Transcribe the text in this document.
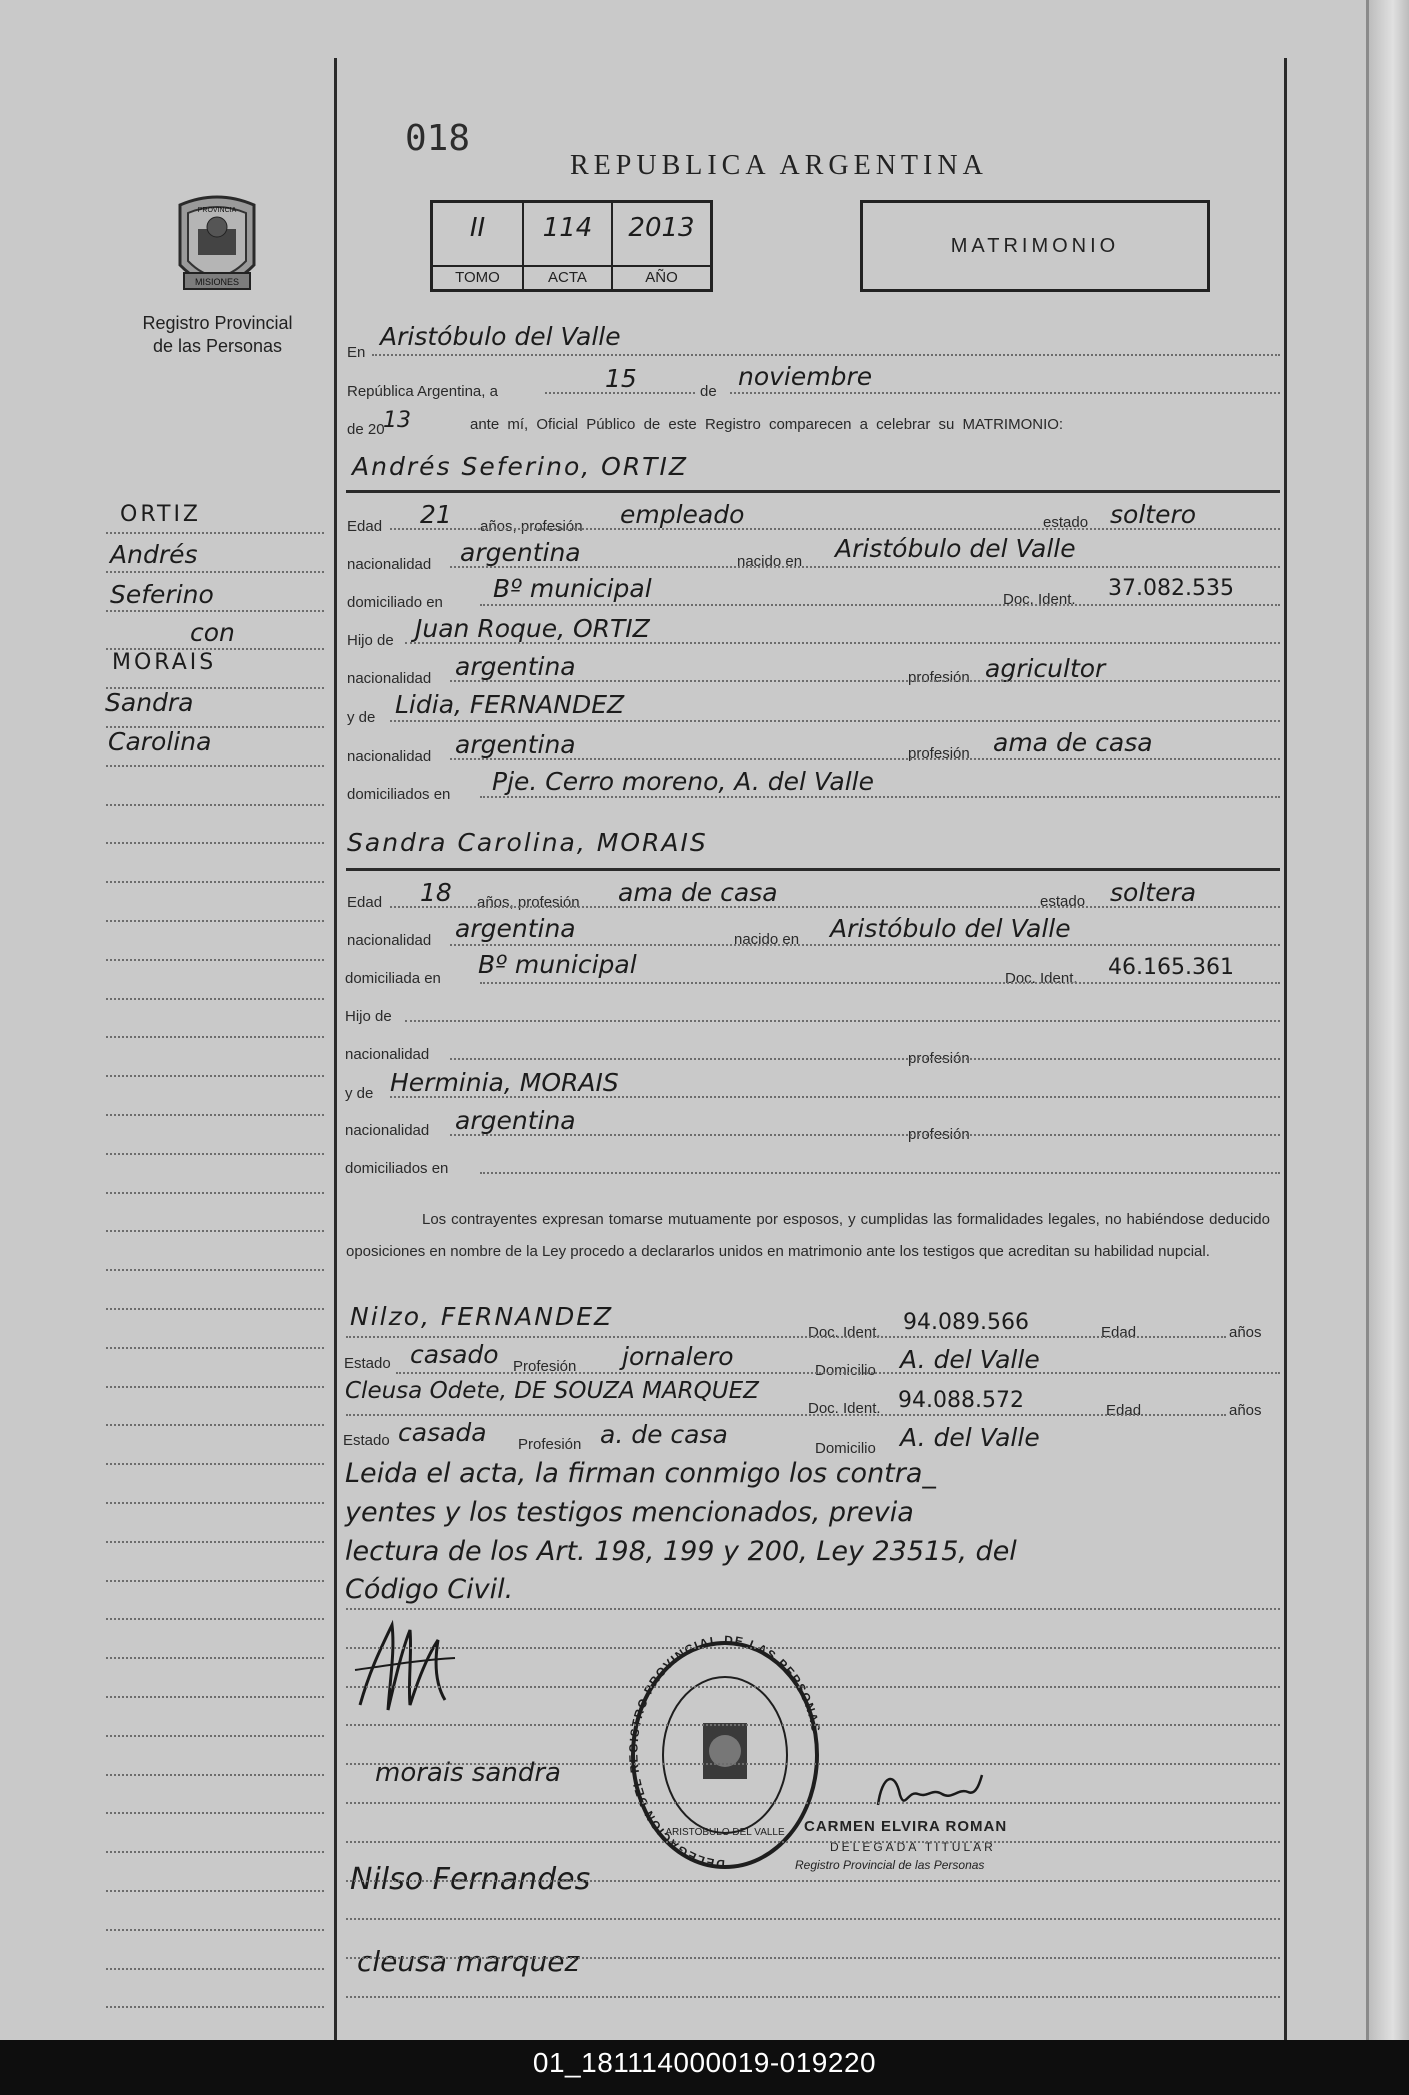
018
REPUBLICA ARGENTINA
II
TOMO
114
ACTA
2013
AÑO
MATRIMONIO
MISIONES
PROVINCIA
Registro Provincial
de las Personas
ORTIZ
Andrés
Seferino
con
MORAIS
Sandra
Carolina
En
Aristóbulo del Valle
República Argentina, a	15	de
noviembre
de 20
13	ante mí, Oficial Público de este Registro comparecen a celebrar su MATRIMONIO:
Andrés Seferino, ORTIZ
Edad 21 años, profesión empleado	estado soltero
nacionalidad argentina	nacido en Aristóbulo del Valle
domiciliado en Bº municipal	Doc. Ident. 37.082.535
Hijo de Juan Roque, ORTIZ
nacionalidad argentina	profesión agricultor
y de Lidia, FERNANDEZ
nacionalidad argentina	profesión ama de casa
domiciliados en Pje. Cerro moreno, A. del Valle
Sandra Carolina, MORAIS
Edad 18 años, profesión ama de casa	estado soltera
nacionalidad argentina	nacido en Aristóbulo del Valle
domiciliada en Bº municipal	Doc. Ident. 46.165.361
Hijo de
nacionalidad	profesión
y de Herminia, MORAIS
nacionalidad argentina	profesión
domiciliados en
Los contrayentes expresan tomarse mutuamente por esposos, y cumplidas las formalidades legales, no habiéndose deducido oposiciones en nombre de la Ley procedo a declararlos unidos en matrimonio ante los testigos que acreditan su habilidad nupcial.
Nilzo, FERNANDEZ
Doc. Ident. 94.089.566	Edad	años
Estado casado Profesión jornalero	Domicilio A. del Valle
Cleusa Odete, DE SOUZA MARQUEZ
Doc. Ident. 94.088.572	Edad	años
Estado casada Profesión a. de casa	Domicilio A. del Valle
Leida el acta, la firman conmigo los contra_
yentes y los testigos mencionados, previa
lectura de los Art. 198, 199 y 200, Ley 23515, del
Código Civil.
morais sandra
Nilso Fernandes
cleusa marquez
DELEGACION DEL REGISTRO PROVINCIAL DE LAS PERSONAS
ARISTOBULO DEL VALLE CARMEN ELVIRA ROMAN
DELEGADA TITULAR
Registro Provincial de las Personas
01_181114000019-019220
